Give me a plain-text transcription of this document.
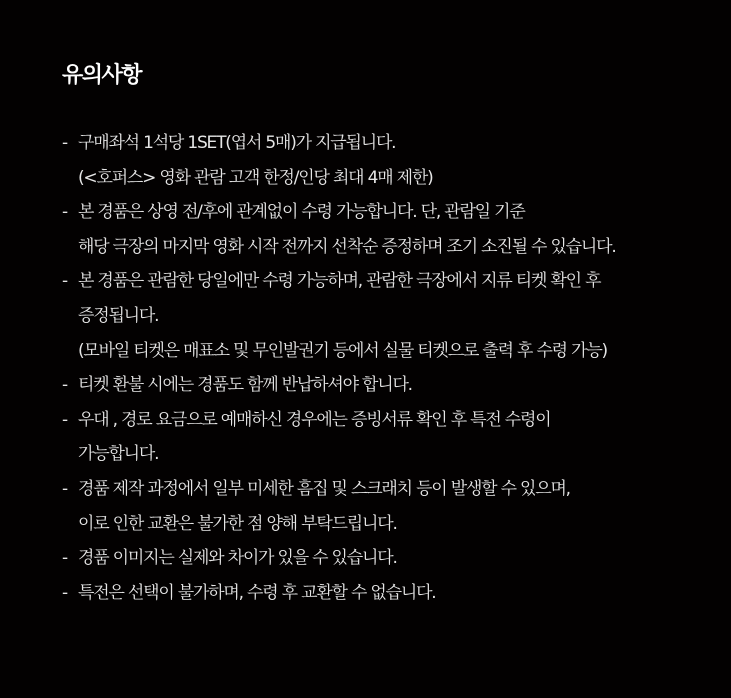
유의사항
- 구매좌석 1석당 1SET(엽서 5매)가 지급됩니다.
(<호퍼스> 영화 관람 고객 한정/인당 최대 4매 제한)
- 본 경품은 상영 전/후에 관계없이 수령 가능합니다. 단, 관람일 기준
해당 극장의 마지막 영화 시작 전까지 선착순 증정하며 조기 소진될 수 있습니다.
- 본 경품은 관람한 당일에만 수령 가능하며, 관람한 극장에서 지류 티켓 확인 후
증정됩니다.
(모바일 티켓은 매표소 및 무인발권기 등에서 실물 티켓으로 출력 후 수령 가능)
- 티켓 환불 시에는 경품도 함께 반납하셔야 합니다.
- 우대 , 경로 요금으로 예매하신 경우에는 증빙서류 확인 후 특전 수령이
가능합니다.
- 경품 제작 과정에서 일부 미세한 흠집 및 스크래치 등이 발생할 수 있으며,
이로 인한 교환은 불가한 점 양해 부탁드립니다.
- 경품 이미지는 실제와 차이가 있을 수 있습니다.
- 특전은 선택이 불가하며, 수령 후 교환할 수 없습니다.
